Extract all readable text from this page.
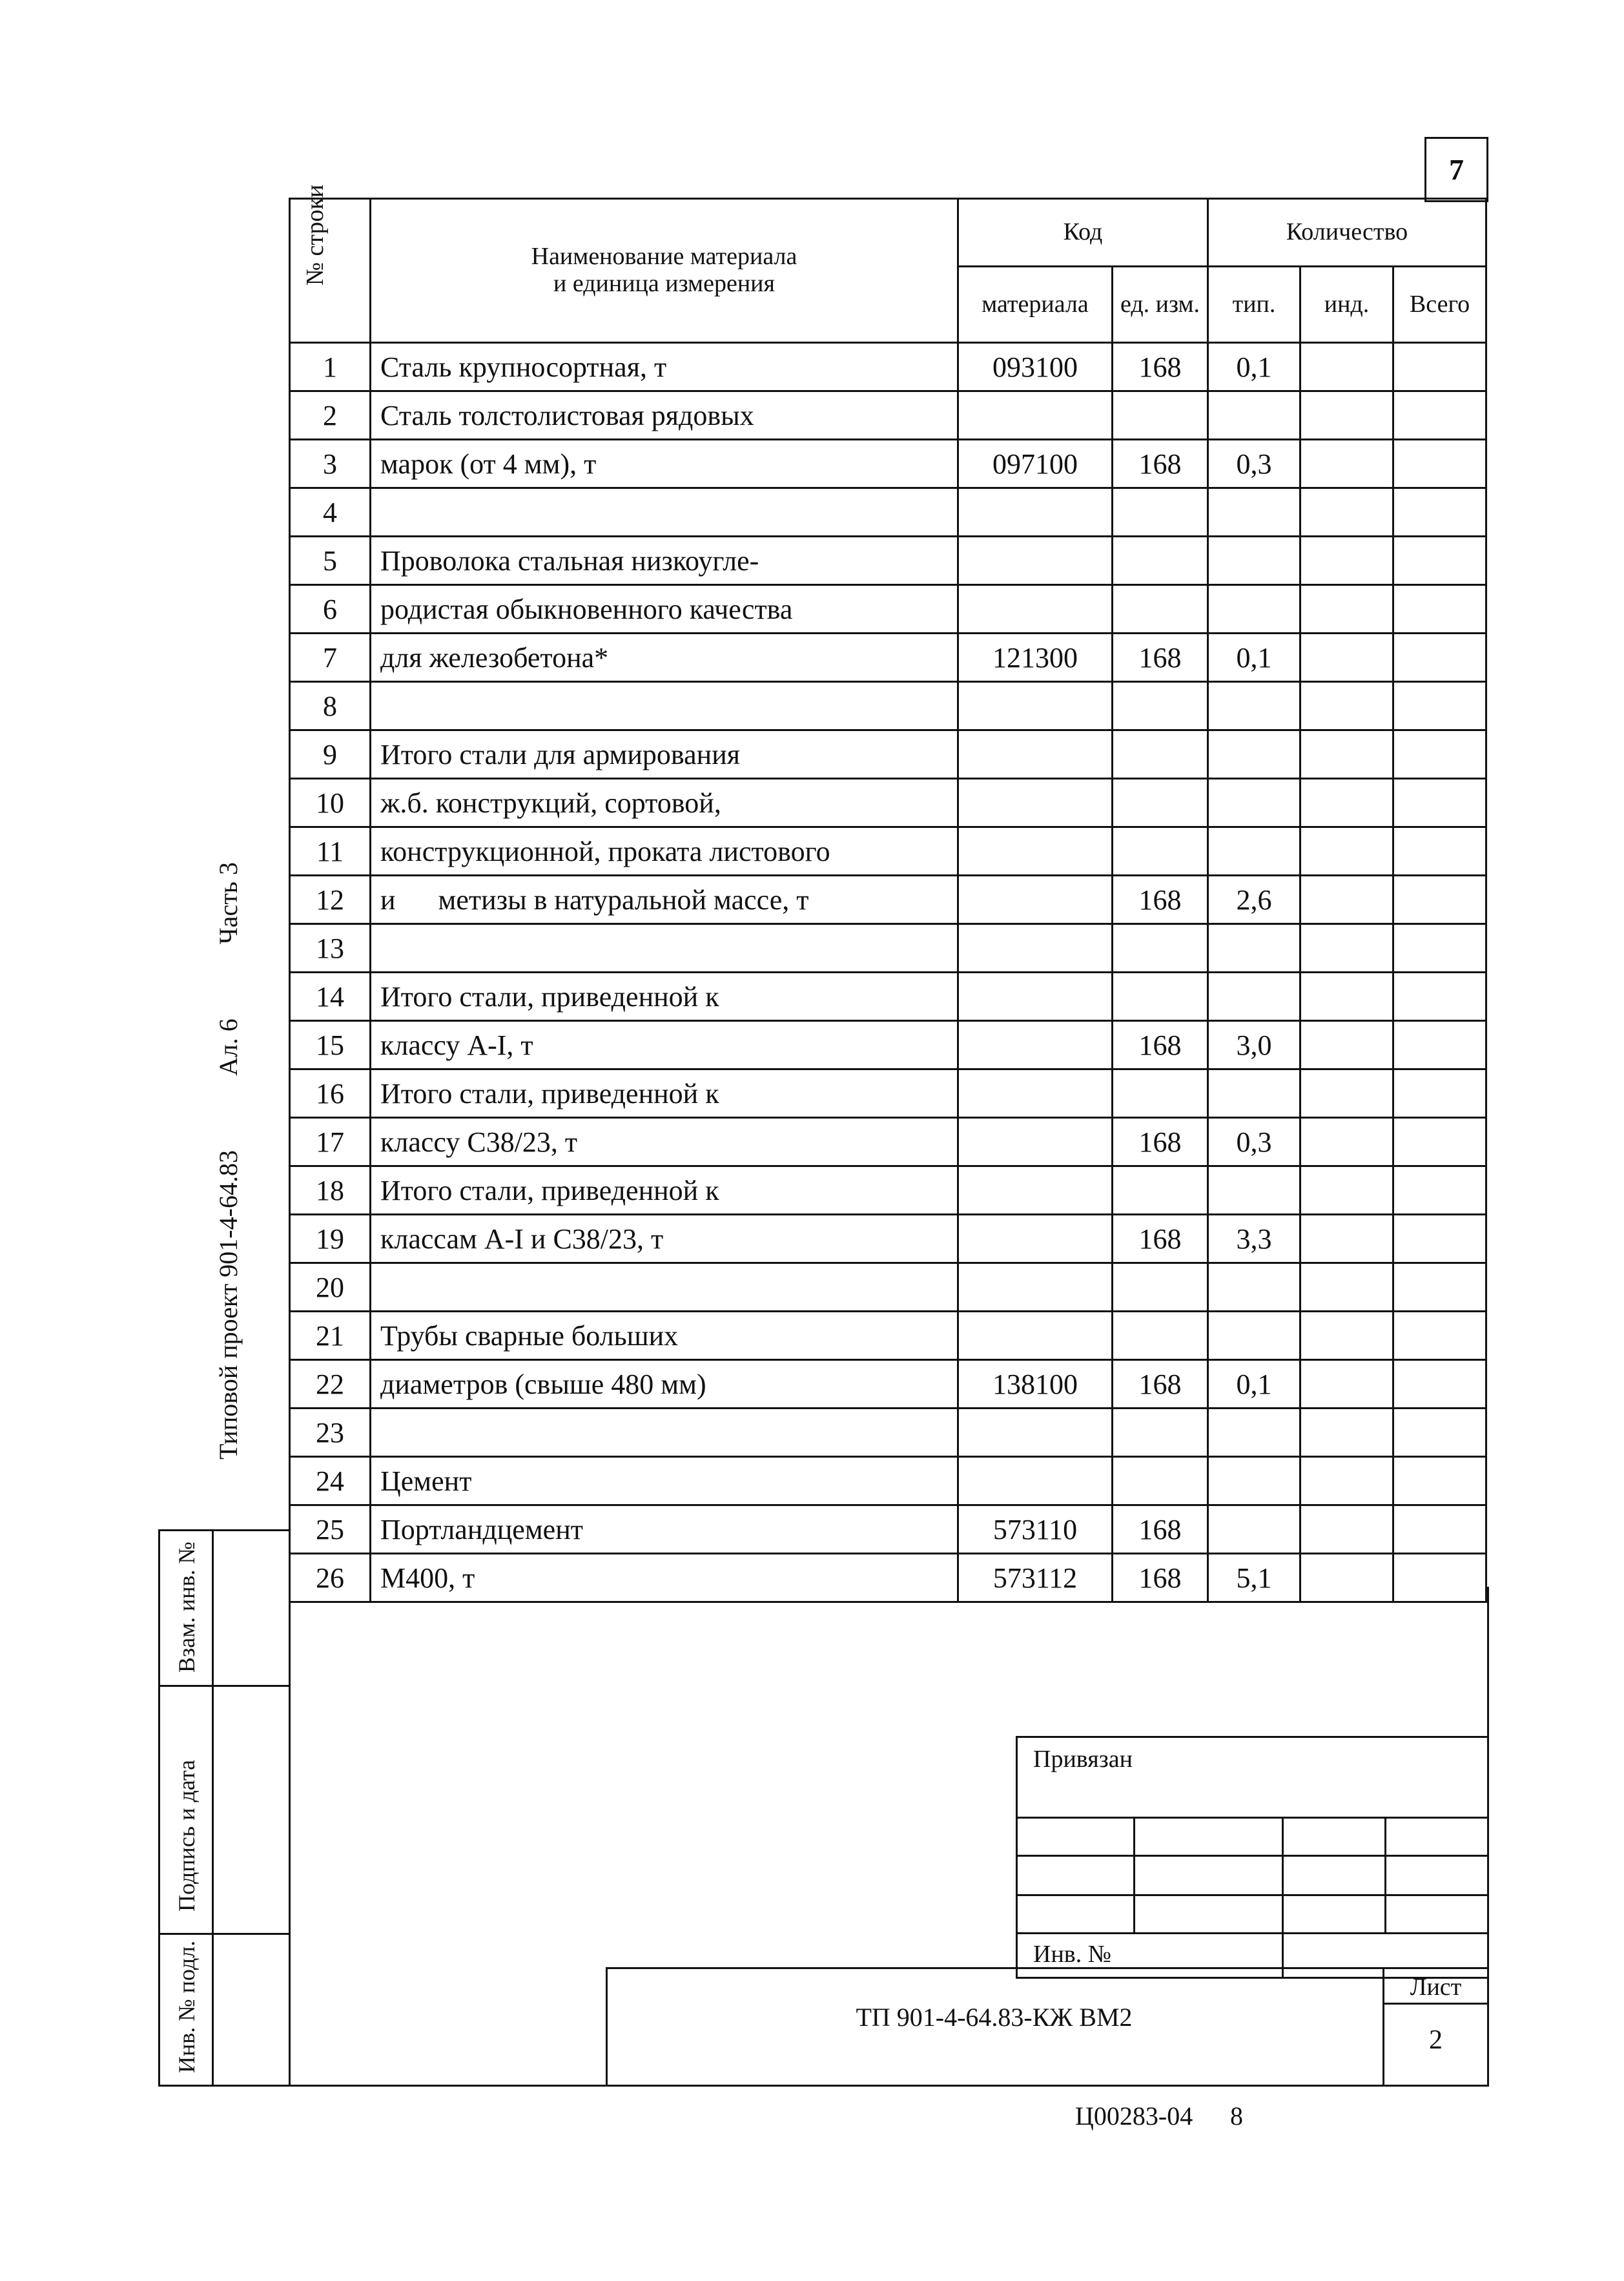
7
№ строки	Наименование материала
и единица измерения	Код		Количество		
		материала	ед. изм.	тип.	инд.	Всего
1	Сталь крупносортная, т	093100	168	0,1		
2	Сталь толстолистовая рядовых					
3	марок (от 4 мм), т	097100	168	0,3		
4						
5	Проволока стальная низкоугле-					
6	родистая обыкновенного качества					
7	для железобетона*	121300	168	0,1		
8						
9	Итого стали для армирования					
10	ж.б. конструкций, сортовой,					
11	конструкционной, проката листового					
12	и      метизы в натуральной массе, т		168	2,6		
13						
14	Итого стали, приведенной к					
15	классу A-I, т		168	3,0		
16	Итого стали, приведенной к					
17	классу С38/23, т		168	0,3		
18	Итого стали, приведенной к					
19	классам A-I и С38/23, т		168	3,3		
20						
21	Трубы сварные больших					
22	диаметров (свыше 480 мм)	138100	168	0,1		
23						
24	Цемент					
25	Портландцемент	573110	168			
26	М400, т	573112	168	5,1		
Типовой проект 901-4-64.83  Ал. 6  Часть 3
Взам. инв. №
Подпись и дата
Инв. № подл.
Привязан
Инв. №
ТП 901-4-64.83-КЖ ВМ2
Лист
2
Ц00283-04 8
